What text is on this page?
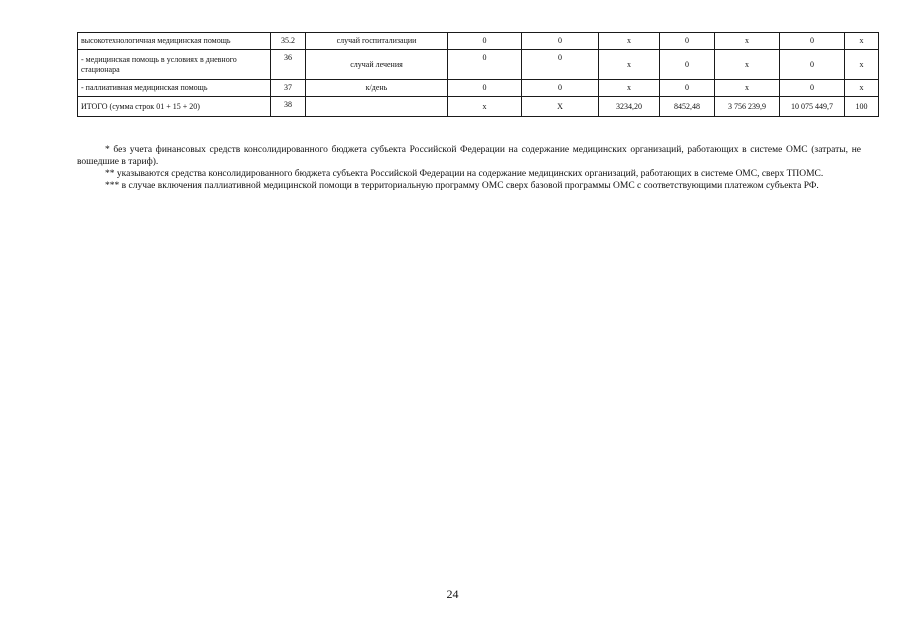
высокотехнологичная медицинская помощь	35.2	случай госпитализации	0	0	х	0	х	0	х
- медицинская помощь в условиях в дневного стационара	36	случай лечения	0	0	х	0	х	0	х
- паллиативная медицинская помощь	37	к/день	0	0	х	0	х	0	х
ИТОГО (сумма строк 01 + 15 + 20)	38		х	Х	3234,20	8452,48	3 756 239,9	10 075 449,7	100

* без учета финансовых средств консолидированного бюджета субъекта Российской Федерации на содержание медицинских организаций, работающих в системе ОМС (затраты, не вошедшие в тариф).

** указываются средства консолидированного бюджета субъекта Российской Федерации на содержание медицинских организаций, работающих в системе ОМС, сверх ТПОМС.

*** в случае включения паллиативной медицинской помощи в территориальную программу ОМС сверх базовой программы ОМС с соответствующими платежом субъекта РФ.

24
